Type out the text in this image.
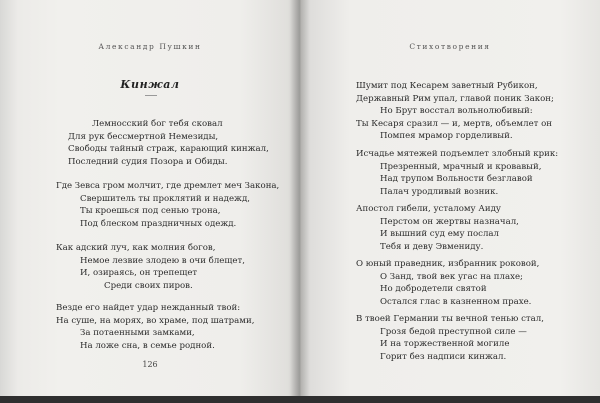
Александр Пушкин
Кинжал
Лемносский бог тебя сковал
Для рук бессмертной Немезиды,
Свободы тайный страж, карающий кинжал,
Последний судия Позора и Обиды.
Где Зевса гром молчит, где дремлет меч Закона,
Свершитель ты проклятий и надежд,
Ты кроешься под сенью трона,
Под блеском праздничных одежд.
Как адский луч, как молния богов,
Немое лезвие злодею в очи блещет,
И, озираясь, он трепещет
Среди своих пиров.
Везде его найдет удар нежданный твой:
На суше, на морях, во храме, под шатрами,
За потаенными замками,
На ложе сна, в семье родной.
126
Стихотворения
Шумит под Кесарем заветный Рубикон,
Державный Рим упал, главой поник Закон;
Но Брут восстал вольнолюбивый:
Ты Кесаря сразил — и, мертв, объемлет он
Помпея мрамор горделивый.
Исчадье мятежей подъемлет злобный крик:
Презренный, мрачный и кровавый,
Над трупом Вольности безглавой
Палач уродливый возник.
Апостол гибели, усталому Аиду
Перстом он жертвы назначал,
И вышний суд ему послал
Тебя и деву Эвмениду.
О юный праведник, избранник роковой,
О Занд, твой век угас на плахе;
Но добродетели святой
Остался глас в казненном прахе.
В твоей Германии ты вечной тенью стал,
Грозя бедой преступной силе —
И на торжественной могиле
Горит без надписи кинжал.
